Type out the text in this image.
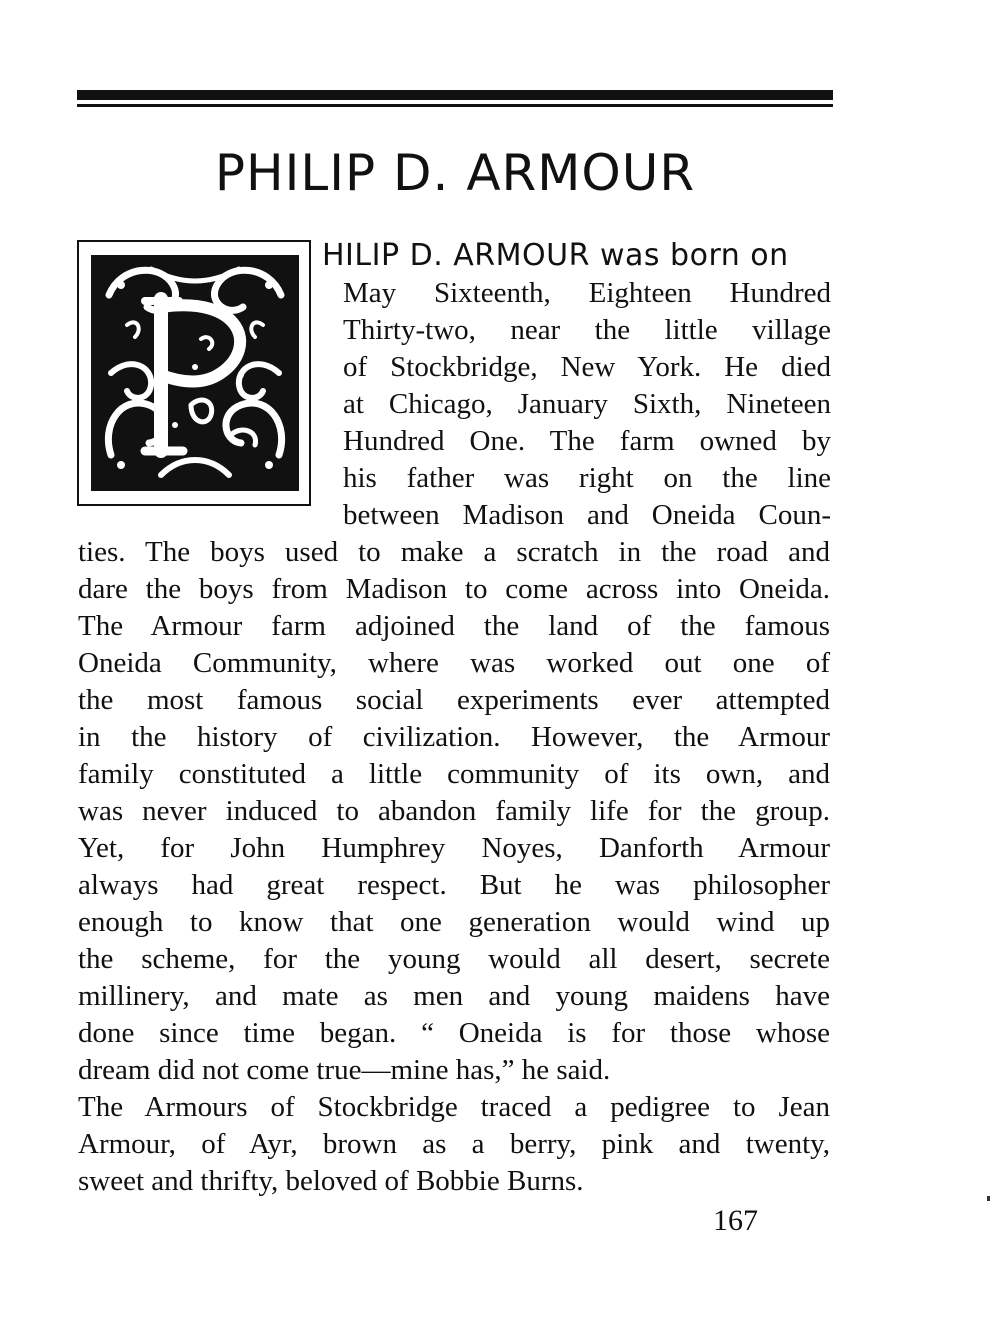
PHILIP D. ARMOUR
HILIP D. ARMOUR was born on
May Sixteenth, Eighteen Hundred
Thirty-two, near the little village
of Stockbridge, New York. He died
at Chicago, January Sixth, Nineteen
Hundred One. The farm owned by
his father was right on the line
between Madison and Oneida Coun-
ties. The boys used to make a scratch in the road and
dare the boys from Madison to come across into Oneida.
The Armour farm adjoined the land of the famous
Oneida Community, where was worked out one of
the most famous social experiments ever attempted
in the history of civilization. However, the Armour
family constituted a little community of its own, and
was never induced to abandon family life for the group.
Yet, for John Humphrey Noyes, Danforth Armour
always had great respect. But he was philosopher
enough to know that one generation would wind up
the scheme, for the young would all desert, secrete
millinery, and mate as men and young maidens have
done since time began. “ Oneida is for those whose
dream did not come true—mine has,” he said.
The Armours of Stockbridge traced a pedigree to Jean
Armour, of Ayr, brown as a berry, pink and twenty,
sweet and thrifty, beloved of Bobbie Burns.
167
